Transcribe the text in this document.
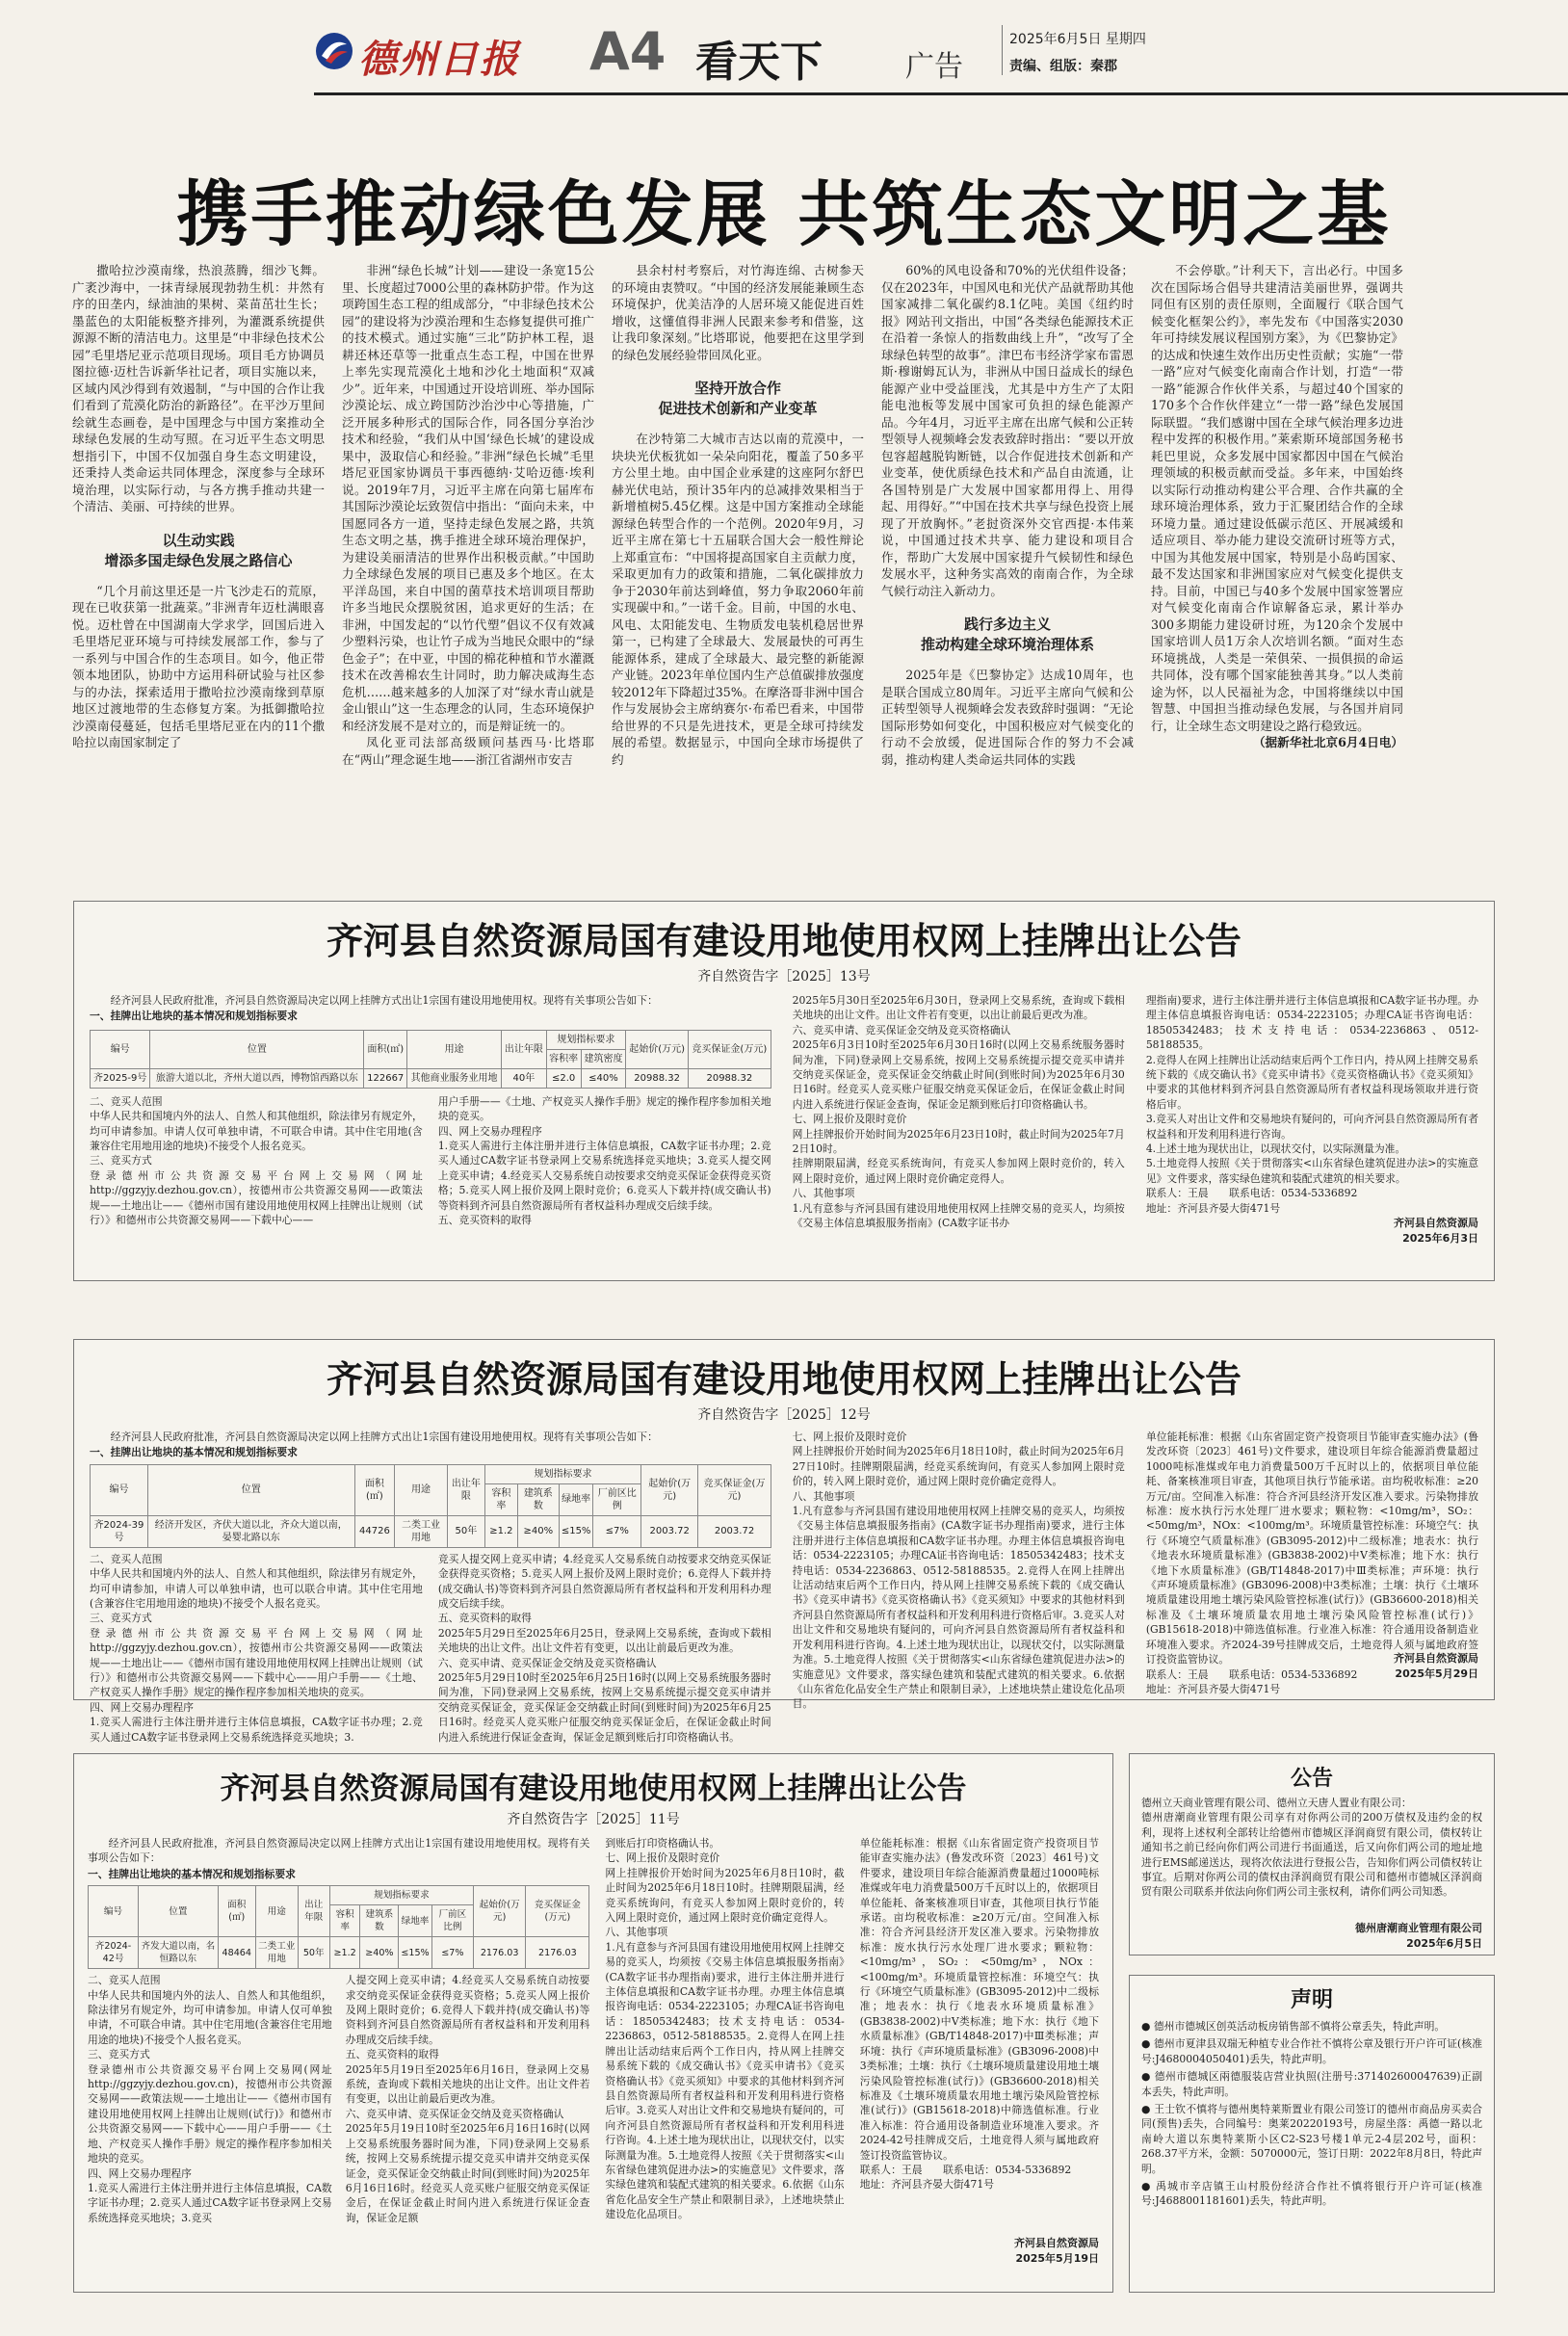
德州日报 A4 看天下	广告
2025年6月5日 星期四
责编、组版：秦郡
携手推动绿色发展 共筑生态文明之基

撒哈拉沙漠南缘，热浪蒸腾，细沙飞舞。广袤沙海中，一抹青绿展现勃勃生机：井然有序的田垄内，绿油油的果树、菜苗茁壮生长；墨蓝色的太阳能板整齐排列，为灌溉系统提供源源不断的清洁电力。这里是“中非绿色技术公园”毛里塔尼亚示范项目现场。项目毛方协调员图拉德·迈杜告诉新华社记者，项目实施以来，区域内风沙得到有效遏制，“与中国的合作让我们看到了荒漠化防治的新路径”。在平沙万里间绘就生态画卷，是中国理念与中国方案推动全球绿色发展的生动写照。在习近平生态文明思想指引下，中国不仅加强自身生态文明建设，还秉持人类命运共同体理念，深度参与全球环境治理，以实际行动，与各方携手推动共建一个清洁、美丽、可持续的世界。

以生动实践
增添多国走绿色发展之路信心

“几个月前这里还是一片飞沙走石的荒原，现在已收获第一批蔬菜。”非洲青年迈杜满眼喜悦。迈杜曾在中国湖南大学求学，回国后进入毛里塔尼亚环境与可持续发展部工作，参与了一系列与中国合作的生态项目。如今，他正带领本地团队，协助中方运用科研试验与社区参与的办法，探索适用于撒哈拉沙漠南缘到草原地区过渡地带的生态修复方案。为抵御撒哈拉沙漠南侵蔓延，包括毛里塔尼亚在内的11个撒哈拉以南国家制定了

非洲“绿色长城”计划——建设一条宽15公里、长度超过7000公里的森林防护带。作为这项跨国生态工程的组成部分，“中非绿色技术公园”的建设将为沙漠治理和生态修复提供可推广的技术模式。通过实施“三北”防护林工程，退耕还林还草等一批重点生态工程，中国在世界上率先实现荒漠化土地和沙化土地面积“双减少”。近年来，中国通过开设培训班、举办国际沙漠论坛、成立跨国防沙治沙中心等措施，广泛开展多种形式的国际合作，同各国分享治沙技术和经验，“我们从中国‘绿色长城’的建设成果中，汲取信心和经验。”非洲“绿色长城”毛里塔尼亚国家协调员干事西德纳·艾哈迈德·埃利说。2019年7月，习近平主席在向第七届库布其国际沙漠论坛致贺信中指出：“面向未来，中国愿同各方一道，坚持走绿色发展之路，共筑生态文明之基，携手推进全球环境治理保护，为建设美丽清洁的世界作出积极贡献。”中国助力全球绿色发展的项目已惠及多个地区。在太平洋岛国，来自中国的菌草技术培训项目帮助许多当地民众摆脱贫困，追求更好的生活；在非洲，中国发起的“以竹代塑”倡议不仅有效减少塑料污染，也让竹子成为当地民众眼中的“绿色金子”；在中亚，中国的棉花种植和节水灌溉技术在改善棉农生计同时，助力解决咸海生态危机……越来越多的人加深了对“绿水青山就是金山银山”这一生态理念的认同，生态环境保护和经济发展不是对立的，而是辩证统一的。

凤化亚司法部高级顾问基西马·比塔耶在“两山”理念诞生地——浙江省湖州市安吉

县余村村考察后，对竹海连绵、古树参天的环境由衷赞叹。“中国的经济发展能兼顾生态环境保护，优美洁净的人居环境又能促进百姓增收，这懂值得非洲人民跟来参考和借鉴，这让我印象深刻。”比塔耶说，他要把在这里学到的绿色发展经验带回凤化亚。

坚持开放合作
促进技术创新和产业变革

在沙特第二大城市吉达以南的荒漠中，一块块光伏板犹如一朵朵向阳花，覆盖了50多平方公里土地。由中国企业承建的这座阿尔舒巴赫光伏电站，预计35年内的总减排效果相当于新增植树5.45亿棵。这是中国方案推动全球能源绿色转型合作的一个范例。2020年9月，习近平主席在第七十五届联合国大会一般性辩论上郑重宣布：“中国将提高国家自主贡献力度，采取更加有力的政策和措施，二氧化碳排放力争于2030年前达到峰值，努力争取2060年前实现碳中和。”一诺千金。目前，中国的水电、风电、太阳能发电、生物质发电装机稳居世界第一，已构建了全球最大、发展最快的可再生能源体系，建成了全球最大、最完整的新能源产业链。2023年单位国内生产总值碳排放强度较2012年下降超过35%。在摩洛哥非洲中国合作与发展协会主席纳赛尔·布希巴看来，中国带给世界的不只是先进技术，更是全球可持续发展的希望。数据显示，中国向全球市场提供了约

60%的风电设备和70%的光伏组件设备；仅在2023年，中国风电和光伏产品就帮助其他国家减排二氧化碳约8.1亿吨。美国《纽约时报》网站刊文指出，中国“各类绿色能源技术正在沿着一条惊人的指数曲线上升”，“改写了全球绿色转型的故事”。津巴布韦经济学家布雷恩斯·穆谢姆瓦认为，非洲从中国日益成长的绿色能源产业中受益匪浅，尤其是中方生产了太阳能电池板等发展中国家可负担的绿色能源产品。今年4月，习近平主席在出席气候和公正转型领导人视频峰会发表致辞时指出：“要以开放包容超越脱钩断链，以合作促进技术创新和产业变革，使优质绿色技术和产品自由流通，让各国特别是广大发展中国家都用得上、用得起、用得好。”“中国在技术共享与绿色投资上展现了开放胸怀。”老挝资深外交官西提·本伟莱说，中国通过技术共享、能力建设和项目合作，帮助广大发展中国家提升气候韧性和绿色发展水平，这种务实高效的南南合作，为全球气候行动注入新动力。

践行多边主义
推动构建全球环境治理体系

2025年是《巴黎协定》达成10周年，也是联合国成立80周年。习近平主席向气候和公正转型领导人视频峰会发表致辞时强调：“无论国际形势如何变化，中国积极应对气候变化的行动不会放缓，促进国际合作的努力不会减弱，推动构建人类命运共同体的实践

不会停歇。”计利天下，言出必行。中国多次在国际场合倡导共建清洁美丽世界，强调共同但有区别的责任原则，全面履行《联合国气候变化框架公约》，率先发布《中国落实2030年可持续发展议程国别方案》，为《巴黎协定》的达成和快速生效作出历史性贡献；实施“一带一路”应对气候变化南南合作计划，打造“一带一路”能源合作伙伴关系，与超过40个国家的170多个合作伙伴建立“一带一路”绿色发展国际联盟。“我们感谢中国在全球气候治理多边进程中发挥的积极作用。”莱索斯环境部国务秘书耗巴里说，众多发展中国家都因中国在气候治理领域的积极贡献而受益。多年来，中国始终以实际行动推动构建公平合理、合作共赢的全球环境治理体系，致力于汇聚团结合作的全球环境力量。通过建设低碳示范区、开展减缓和适应项目、举办能力建设交流研讨班等方式，中国为其他发展中国家，特别是小岛屿国家、最不发达国家和非洲国家应对气候变化提供支持。目前，中国已与40多个发展中国家签署应对气候变化南南合作谅解备忘录，累计举办300多期能力建设研讨班，为120余个发展中国家培训人员1万余人次培训名额。“面对生态环境挑战，人类是一荣俱荣、一损俱损的命运共同体，没有哪个国家能独善其身。”以人类前途为怀，以人民福祉为念，中国将继续以中国智慧、中国担当推动绿色发展，与各国并肩同行，让全球生态文明建设之路行稳致远。

（据新华社北京6月4日电）

齐河县自然资源局国有建设用地使用权网上挂牌出让公告
齐自然资告字［2025］13号

经齐河县人民政府批准，齐河县自然资源局决定以网上挂牌方式出让1宗国有建设用地使用权。现将有关事项公告如下：

一、挂牌出让地块的基本情况和规划指标要求
编号	位置	面积(㎡)	用途	出让年限	规划指标要求		起始价(万元)	竞买保证金(万元)
					容积率	建筑密度		
齐2025-9号	旅游大道以北，齐州大道以西，博物馆西路以东	122667	其他商业服务业用地	40年	≤2.0	≤40%	20988.32	20988.32
二、竞买人范围
中华人民共和国境内外的法人、自然人和其他组织，除法律另有规定外，均可申请参加。申请人仅可单独申请，不可联合申请。其中住宅用地(含兼容住宅用地用途的地块)不接受个人报名竞买。
三、竞买方式
登录德州市公共资源交易平台网上交易网（网址http://ggzyjy.dezhou.gov.cn），按德州市公共资源交易网——政策法规——土地出让——《德州市国有建设用地使用权网上挂牌出让规则（试行）》和德州市公共资源交易网——下载中心——
用户手册——《土地、产权竞买人操作手册》规定的操作程序参加相关地块的竞买。
四、网上交易办理程序
1.竞买人需进行主体注册并进行主体信息填报，CA数字证书办理；2.竞买人通过CA数字证书登录网上交易系统选择竞买地块；3.竞买人提交网上竞买申请；4.经竞买人交易系统自动按要求交纳竞买保证金获得竞买资格；5.竞买人网上报价及网上限时竞价；6.竞买人下载并持(成交确认书)等资料到齐河县自然资源局所有者权益科办理成交后续手续。
五、竞买资料的取得
2025年5月30日至2025年6月30日，登录网上交易系统，查询或下载相关地块的出让文件。出让文件若有变更，以出让前最后更改为准。
六、竞买申请、竞买保证金交纳及竞买资格确认
2025年6月3日10时至2025年6月30日16时(以网上交易系统服务器时间为准，下同)登录网上交易系统，按网上交易系统提示提交竞买申请并交纳竞买保证金，竞买保证金交纳截止时间(到账时间)为2025年6月30日16时。经竞买人竞买账户征服交纳竞买保证金后，在保证金截止时间内进入系统进行保证金查询，保证金足额到账后打印资格确认书。
七、网上报价及限时竞价
网上挂牌报价开始时间为2025年6月23日10时，截止时间为2025年7月2日10时。
挂牌期限届满，经竞买系统询问，有竞买人参加网上限时竞价的，转入网上限时竞价，通过网上限时竞价确定竞得人。
八、其他事项
1.凡有意参与齐河县国有建设用地使用权网上挂牌交易的竞买人，均须按《交易主体信息填报服务指南》(CA数字证书办
理指南)要求，进行主体注册并进行主体信息填报和CA数字证书办理。办理主体信息填报咨询电话：0534-2223105；办理CA证书咨询电话：18505342483；技术支持电话：0534-2236863、0512-58188535。
2.竞得人在网上挂牌出让活动结束后两个工作日内，持从网上挂牌交易系统下载的《成交确认书》《竞买申请书》《竞买资格确认书》《竞买须知》中要求的其他材料到齐河县自然资源局所有者权益科现场领取并进行资格后审。
3.竞买人对出让文件和交易地块有疑问的，可向齐河县自然资源局所有者权益科和开发利用科进行咨询。
4.上述土地为现状出让，以现状交付，以实际测量为准。
5.土地竞得人按照《关于贯彻落实<山东省绿色建筑促进办法>的实施意见》文件要求，落实绿色建筑和装配式建筑的相关要求。
联系人：王晨　　联系电话：0534-5336892
地址：齐河县齐晏大街471号
齐河县自然资源局
2025年6月3日
齐河县自然资源局国有建设用地使用权网上挂牌出让公告
齐自然资告字［2025］12号

经齐河县人民政府批准，齐河县自然资源局决定以网上挂牌方式出让1宗国有建设用地使用权。现将有关事项公告如下：

一、挂牌出让地块的基本情况和规划指标要求
编号	位置	面积(㎡)	用途	出让年限	规划指标要求				起始价(万元)	竞买保证金(万元)
					容积率	建筑系数	绿地率	厂前区比例		
齐2024-39号	经济开发区，齐伏大道以北，齐众大道以南，晏婴北路以东	44726	二类工业用地	50年	≥1.2	≥40%	≤15%	≤7%	2003.72	2003.72
二、竞买人范围
中华人民共和国境内外的法人、自然人和其他组织，除法律另有规定外，均可申请参加，申请人可以单独申请，也可以联合申请。其中住宅用地(含兼容住宅用地用途的地块)不接受个人报名竞买。
三、竞买方式
登录德州市公共资源交易平台网上交易网（网址http://ggzyjy.dezhou.gov.cn），按德州市公共资源交易网——政策法规——土地出让——《德州市国有建设用地使用权网上挂牌出让规则（试行）》和德州市公共资源交易网——下载中心——用户手册——《土地、产权竞买人操作手册》规定的操作程序参加相关地块的竞买。
四、网上交易办理程序
1.竞买人需进行主体注册并进行主体信息填报，CA数字证书办理；2.竞买人通过CA数字证书登录网上交易系统选择竞买地块；3.
竞买人提交网上竞买申请；4.经竞买人交易系统自动按要求交纳竞买保证金获得竞买资格；5.竞买人网上报价及网上限时竞价；6.竞得人下载并持(成交确认书)等资料到齐河县自然资源局所有者权益科和开发利用科办理成交后续手续。
五、竞买资料的取得
2025年5月29日至2025年6月25日，登录网上交易系统，查询或下载相关地块的出让文件。出让文件若有变更，以出让前最后更改为准。
六、竞买申请、竞买保证金交纳及竞买资格确认
2025年5月29日10时至2025年6月25日16时(以网上交易系统服务器时间为准，下同)登录网上交易系统，按网上交易系统提示提交竞买申请并交纳竞买保证金，竞买保证金交纳截止时间(到账时间)为2025年6月25日16时。经竞买人竞买账户征服交纳竞买保证金后，在保证金截止时间内进入系统进行保证金查询，保证金足额到账后打印资格确认书。
七、网上报价及限时竞价
网上挂牌报价开始时间为2025年6月18日10时，截止时间为2025年6月27日10时。挂牌期限届满，经竞买系统询问，有竞买人参加网上限时竞价的，转入网上限时竞价，通过网上限时竞价确定竞得人。
八、其他事项
1.凡有意参与齐河县国有建设用地使用权网上挂牌交易的竞买人，均须按《交易主体信息填报服务指南》(CA数字证书办理指南)要求，进行主体注册并进行主体信息填报和CA数字证书办理。办理主体信息填报咨询电话：0534-2223105；办理CA证书咨询电话：18505342483；技术支持电话：0534-2236863、0512-58188535。2.竞得人在网上挂牌出让活动结束后两个工作日内，持从网上挂牌交易系统下载的《成交确认书》《竞买申请书》《竞买资格确认书》《竞买须知》中要求的其他材料到齐河县自然资源局所有者权益科和开发利用科进行资格后审。3.竞买人对出让文件和交易地块有疑问的，可向齐河县自然资源局所有者权益科和开发利用科进行咨询。4.上述土地为现状出让，以现状交付，以实际测量为准。5.土地竞得人按照《关于贯彻落实<山东省绿色建筑促进办法>的实施意见》文件要求，落实绿色建筑和装配式建筑的相关要求。6.依据《山东省危化品安全生产禁止和限制目录》，上述地块禁止建设危化品项目。
单位能耗标准：根据《山东省固定资产投资项目节能审查实施办法》(鲁发改环资〔2023〕461号)文件要求，建设项目年综合能源消费量超过1000吨标准煤或年电力消费量500万千瓦时以上的，依据项目单位能耗、备案核准项目审查，其他项目执行节能承诺。亩均税收标准：≥20万元/亩。空间准入标准：符合齐河县经济开发区准入要求。污染物排放标准：废水执行污水处理厂进水要求；颗粒物：<10mg/m³，SO₂：<50mg/m³，NOx：<100mg/m³。环境质量管控标准：环境空气：执行《环境空气质量标准》(GB3095-2012)中二级标准；地表水：执行《地表水环境质量标准》(GB3838-2002)中V类标准；地下水：执行《地下水质量标准》(GB/T14848-2017)中Ⅲ类标准；声环境：执行《声环境质量标准》(GB3096-2008)中3类标准；土壤：执行《土壤环境质量建设用地土壤污染风险管控标准(试行)》(GB36600-2018)相关标准及《土壤环境质量农用地土壤污染风险管控标准(试行)》(GB15618-2018)中筛选值标准。行业准入标准：符合通用设备制造业环境准入要求。齐2024-39号挂牌成交后，土地竞得人须与属地政府签订投资监管协议。
联系人：王晨　　联系电话：0534-5336892
地址：齐河县齐晏大街471号
齐河县自然资源局
2025年5月29日
齐河县自然资源局国有建设用地使用权网上挂牌出让公告
齐自然资告字［2025］11号

经齐河县人民政府批准，齐河县自然资源局决定以网上挂牌方式出让1宗国有建设用地使用权。现将有关事项公告如下：

一、挂牌出让地块的基本情况和规划指标要求
编号	位置	面积(㎡)	用途	出让年限	规划指标要求				起始价(万元)	竞买保证金(万元)
					容积率	建筑系数	绿地率	厂前区比例		
齐2024-42号	齐发大道以南，名恒路以东	48464	二类工业用地	50年	≥1.2	≥40%	≤15%	≤7%	2176.03	2176.03
二、竞买人范围
中华人民共和国境内外的法人、自然人和其他组织，除法律另有规定外，均可申请参加。申请人仅可单独申请，不可联合申请。其中住宅用地(含兼容住宅用地用途的地块)不接受个人报名竞买。
三、竞买方式
登录德州市公共资源交易平台网上交易网(网址http://ggzyjy.dezhou.gov.cn)，按德州市公共资源交易网——政策法规——土地出让——《德州市国有建设用地使用权网上挂牌出让规则(试行)》和德州市公共资源交易网——下载中心——用户手册——《土地、产权竞买人操作手册》规定的操作程序参加相关地块的竞买。
四、网上交易办理程序
1.竞买人需进行主体注册并进行主体信息填报，CA数字证书办理；2.竞买人通过CA数字证书登录网上交易系统选择竞买地块；3.竞买
人提交网上竞买申请；4.经竞买人交易系统自动按要求交纳竞买保证金获得竞买资格；5.竞买人网上报价及网上限时竞价；6.竞得人下载并持(成交确认书)等资料到齐河县自然资源局所有者权益科和开发利用科办理成交后续手续。
五、竞买资料的取得
2025年5月19日至2025年6月16日，登录网上交易系统，查询或下载相关地块的出让文件。出让文件若有变更，以出让前最后更改为准。
六、竞买申请、竞买保证金交纳及竞买资格确认
2025年5月19日10时至2025年6月16日16时(以网上交易系统服务器时间为准，下同)登录网上交易系统，按网上交易系统提示提交竞买申请并交纳竞买保证金，竞买保证金交纳截止时间(到账时间)为2025年6月16日16时。经竞买人竞买账户征服交纳竞买保证金后，在保证金截止时间内进入系统进行保证金查询，保证金足额
到账后打印资格确认书。
七、网上报价及限时竞价
网上挂牌报价开始时间为2025年6月8日10时，截止时间为2025年6月18日10时。挂牌期限届满，经竞买系统询问，有竞买人参加网上限时竞价的，转入网上限时竞价，通过网上限时竞价确定竞得人。
八、其他事项
1.凡有意参与齐河县国有建设用地使用权网上挂牌交易的竞买人，均须按《交易主体信息填报服务指南》(CA数字证书办理指南)要求，进行主体注册并进行主体信息填报和CA数字证书办理。办理主体信息填报咨询电话：0534-2223105；办理CA证书咨询电话：18505342483；技术支持电话：0534-2236863，0512-58188535。2.竞得人在网上挂牌出让活动结束后两个工作日内，持从网上挂牌交易系统下载的《成交确认书》《竞买申请书》《竞买资格确认书》《竞买须知》中要求的其他材料到齐河县自然资源局所有者权益科和开发利用科进行资格后审。3.竞买人对出让文件和交易地块有疑问的，可向齐河县自然资源局所有者权益科和开发利用科进行咨询。4.上述土地为现状出让，以现状交付，以实际测量为准。5.土地竞得人按照《关于贯彻落实<山东省绿色建筑促进办法>的实施意见》文件要求，落实绿色建筑和装配式建筑的相关要求。6.依据《山东省危化品安全生产禁止和限制目录》，上述地块禁止建设危化品项目。
单位能耗标准：根据《山东省固定资产投资项目节能审查实施办法》(鲁发改环资〔2023〕461号)文件要求，建设项目年综合能源消费量超过1000吨标准煤或年电力消费量500万千瓦时以上的，依据项目单位能耗、备案核准项目审查，其他项目执行节能承诺。亩均税收标准：≥20万元/亩。空间准入标准：符合齐河县经济开发区准入要求。污染物排放标准：废水执行污水处理厂进水要求；颗粒物：<10mg/m³，SO₂：<50mg/m³，NOx：<100mg/m³。环境质量管控标准：环境空气：执行《环境空气质量标准》(GB3095-2012)中二级标准；地表水：执行《地表水环境质量标准》(GB3838-2002)中V类标准；地下水：执行《地下水质量标准》(GB/T14848-2017)中Ⅲ类标准；声环境：执行《声环境质量标准》(GB3096-2008)中3类标准；土壤：执行《土壤环境质量建设用地土壤污染风险管控标准(试行)》(GB36600-2018)相关标准及《土壤环境质量农用地土壤污染风险管控标准(试行)》(GB15618-2018)中筛选值标准。行业准入标准：符合通用设备制造业环境准入要求。齐2024-42号挂牌成交后，土地竞得人须与属地政府签订投资监管协议。
联系人：王晨　　联系电话：0534-5336892
地址：齐河县齐晏大街471号
齐河县自然资源局
2025年5月19日
公告
德州立天商业管理有限公司、德州立天唐人置业有限公司：
德州唐潮商业管理有限公司享有对你两公司的200万债权及违约金的权利，现将上述权利全部转让给德州市德城区泽润商贸有限公司，债权转让通知书之前已经向你们两公司进行书面通送，后又向你们两公司的地址地进行EMS邮递送达，现将次依法进行登报公告，告知你们两公司债权转让事宜。后期对你两公司的债权由泽润商贸有限公司和德州市德城区泽润商贸有限公司联系并依法向你们两公司主张权利，请你们两公司知悉。
德州唐潮商业管理有限公司
2025年6月5日
声明
● 德州市德城区创英活动板房销售部不慎将公章丢失，特此声明。
● 德州市夏津县双瑞无种植专业合作社不慎将公章及银行开户许可证(核准号:J4680004050401)丢失，特此声明。
● 德州市德城区兩德服装店营业执照(注册号:371402600047639)正副本丢失，特此声明。
● 王士钦不慎将与德州奥特莱斯置业有限公司签订的德州市商品房买卖合同(预售)丢失，合同编号：奥莱20220193号，房屋坐落：禹德一路以北南岭大道以东奥特莱斯小区C2-S23号楼1单元2-4层202号，面积：268.37平方米，金额：5070000元，签订日期：2022年8月8日，特此声明。
● 禹城市辛店镇王山村股份经济合作社不慎将银行开户许可证(核准号:J4688001181601)丢失，特此声明。
